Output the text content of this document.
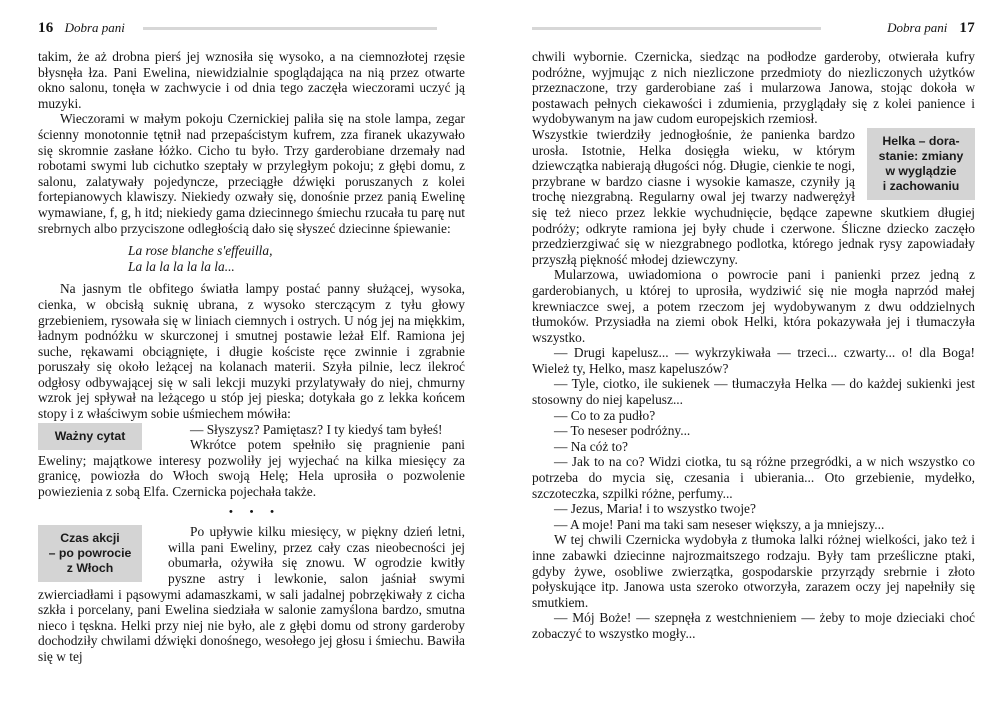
16 Dobra pani

takim, że aż drobna pierś jej wznosiła się wysoko, a na ciemnozłotej rzęsie błysnęła łza. Pani Ewelina, niewidzialnie spoglądająca na nią przez otwarte okno salonu, tonęła w zachwycie i od dnia tego zaczęła wieczorami uczyć ją muzyki.

Wieczorami w małym pokoju Czernickiej paliła się na stole lampa, zegar ścienny monotonnie tętnił nad przepaścistym kufrem, zza firanek ukazywało się skromnie zasłane łóżko. Cicho tu było. Trzy garderobiane drzemały nad robotami swymi lub cichutko szeptały w przyległym pokoju; z głębi domu, z salonu, zalatywały pojedyncze, przeciągłe dźwięki poruszanych z kolei fortepianowych klawiszy. Niekiedy ozwały się, donośnie przez panią Ewelinę wymawiane, f, g, h itd; niekiedy gama dziecinnego śmiechu rzucała tu parę nut srebrnych albo przyciszone odległością dało się słyszeć dziecinne śpiewanie:

La rose blanche s'effeuilla,
La la la la la la la...

Na jasnym tle obfitego światła lampy postać panny służącej, wysoka, cienka, w obcisłą suknię ubrana, z wysoko sterczącym z tyłu głowy grzebieniem, rysowała się w liniach ciemnych i ostrych. U nóg jej na miękkim, ładnym podnóżku w skurczonej i smutnej postawie leżał Elf. Ramiona jej suche, rękawami obciągnięte, i długie kościste ręce zwinnie i zgrabnie poruszały się około leżącej na kolanach materii. Szyła pilnie, lecz ilekroć odgłosy odbywającej się w sali lekcji muzyki przylatywały do niej, chmurny wzrok jej spływał na leżącego u stóp jej pieska; dotykała go z lekka końcem stopy i z właściwym sobie uśmiechem mówiła:

Ważny cytat	— Słyszysz? Pamiętasz? I ty kiedyś tam byłeś!

Wkrótce potem spełniło się pragnienie pani Eweliny; majątkowe interesy pozwoliły jej wyjechać na kilka miesięcy za granicę, powiozła do Włoch swoją Helę; Hela uprosiła o pozwolenie powiezienia z sobą Elfa. Czernicka pojechała także.

• • •
Czas akcji
– po powrocie
z Włoch

Po upływie kilku miesięcy, w piękny dzień letni, willa pani Eweliny, przez cały czas nieobecności jej obumarła, ożywiła się znowu. W ogrodzie kwitły pyszne astry i lewkonie, salon jaśniał swymi zwierciadłami i pąsowymi adamaszkami, w sali jadalnej pobrzękiwały z cicha szkła i porcelany, pani Ewelina siedziała w salonie zamyślona bardzo, smutna nieco i tęskna. Helki przy niej nie było, ale z głębi domu od strony garderoby dochodziły chwilami dźwięki donośnego, wesołego jej głosu i śmiechu. Bawiła się w tej

Dobra pani 17

chwili wybornie. Czernicka, siedząc na podłodze garderoby, otwierała kufry podróżne, wyjmując z nich niezliczone przedmioty do niezliczonych użytków przeznaczone, trzy garderobiane zaś i mularzowa Janowa, stojąc dokoła w postawach pełnych ciekawości i zdumienia, przyglądały się z kolei panience i wydobywanym na jaw cudom europejskich rzemiosł.

Helka – dora-
stanie: zmiany
w wyglądzie
i zachowaniu

Wszystkie twierdziły jednogłośnie, że panienka bardzo urosła. Istotnie, Helka dosięgła wieku, w którym dziewczątka nabierają długości nóg. Długie, cienkie te nogi, przybrane w bardzo ciasne i wysokie kamasze, czyniły ją trochę niezgrabną. Regularny owal jej twarzy nadwerężył się też nieco przez lekkie wychudnięcie, będące zapewne skutkiem długiej podróży; odkryte ramiona jej były chude i czerwone. Śliczne dziecko zaczęło przedzierzgiwać się w niezgrabnego podlotka, którego jednak rysy zapowiadały przyszłą piękność młodej dziewczyny.

Mularzowa, uwiadomiona o powrocie pani i panienki przez jedną z garderobianych, u której to uprosiła, wydziwić się nie mogła naprzód małej krewniaczce swej, a potem rzeczom jej wydobywanym z dwu oddzielnych tłumoków. Przysiadła na ziemi obok Helki, która pokazywała jej i tłumaczyła wszystko.

— Drugi kapelusz... — wykrzykiwała — trzeci... czwarty... o! dla Boga! Wieleż ty, Helko, masz kapeluszów?

— Tyle, ciotko, ile sukienek — tłumaczyła Helka — do każdej sukienki jest stosowny do niej kapelusz...

— Co to za pudło?

— To neseser podróżny...

— Na cóż to?

— Jak to na co? Widzi ciotka, tu są różne przegródki, a w nich wszystko co potrzeba do mycia się, czesania i ubierania... Oto grzebienie, mydełko, szczoteczka, szpilki różne, perfumy...

— Jezus, Maria! i to wszystko twoje?

— A moje! Pani ma taki sam neseser większy, a ja mniejszy...

W tej chwili Czernicka wydobyła z tłumoka lalki różnej wielkości, jako też i inne zabawki dziecinne najrozmaitszego rodzaju. Były tam prześliczne ptaki, gdyby żywe, osobliwe zwierzątka, gospodarskie przyrządy srebrnie i złoto połyskujące itp. Janowa usta szeroko otworzyła, zarazem oczy jej napełniły się smutkiem.

— Mój Boże! — szepnęła z westchnieniem — żeby to moje dzieciaki choć zobaczyć to wszystko mogły...
